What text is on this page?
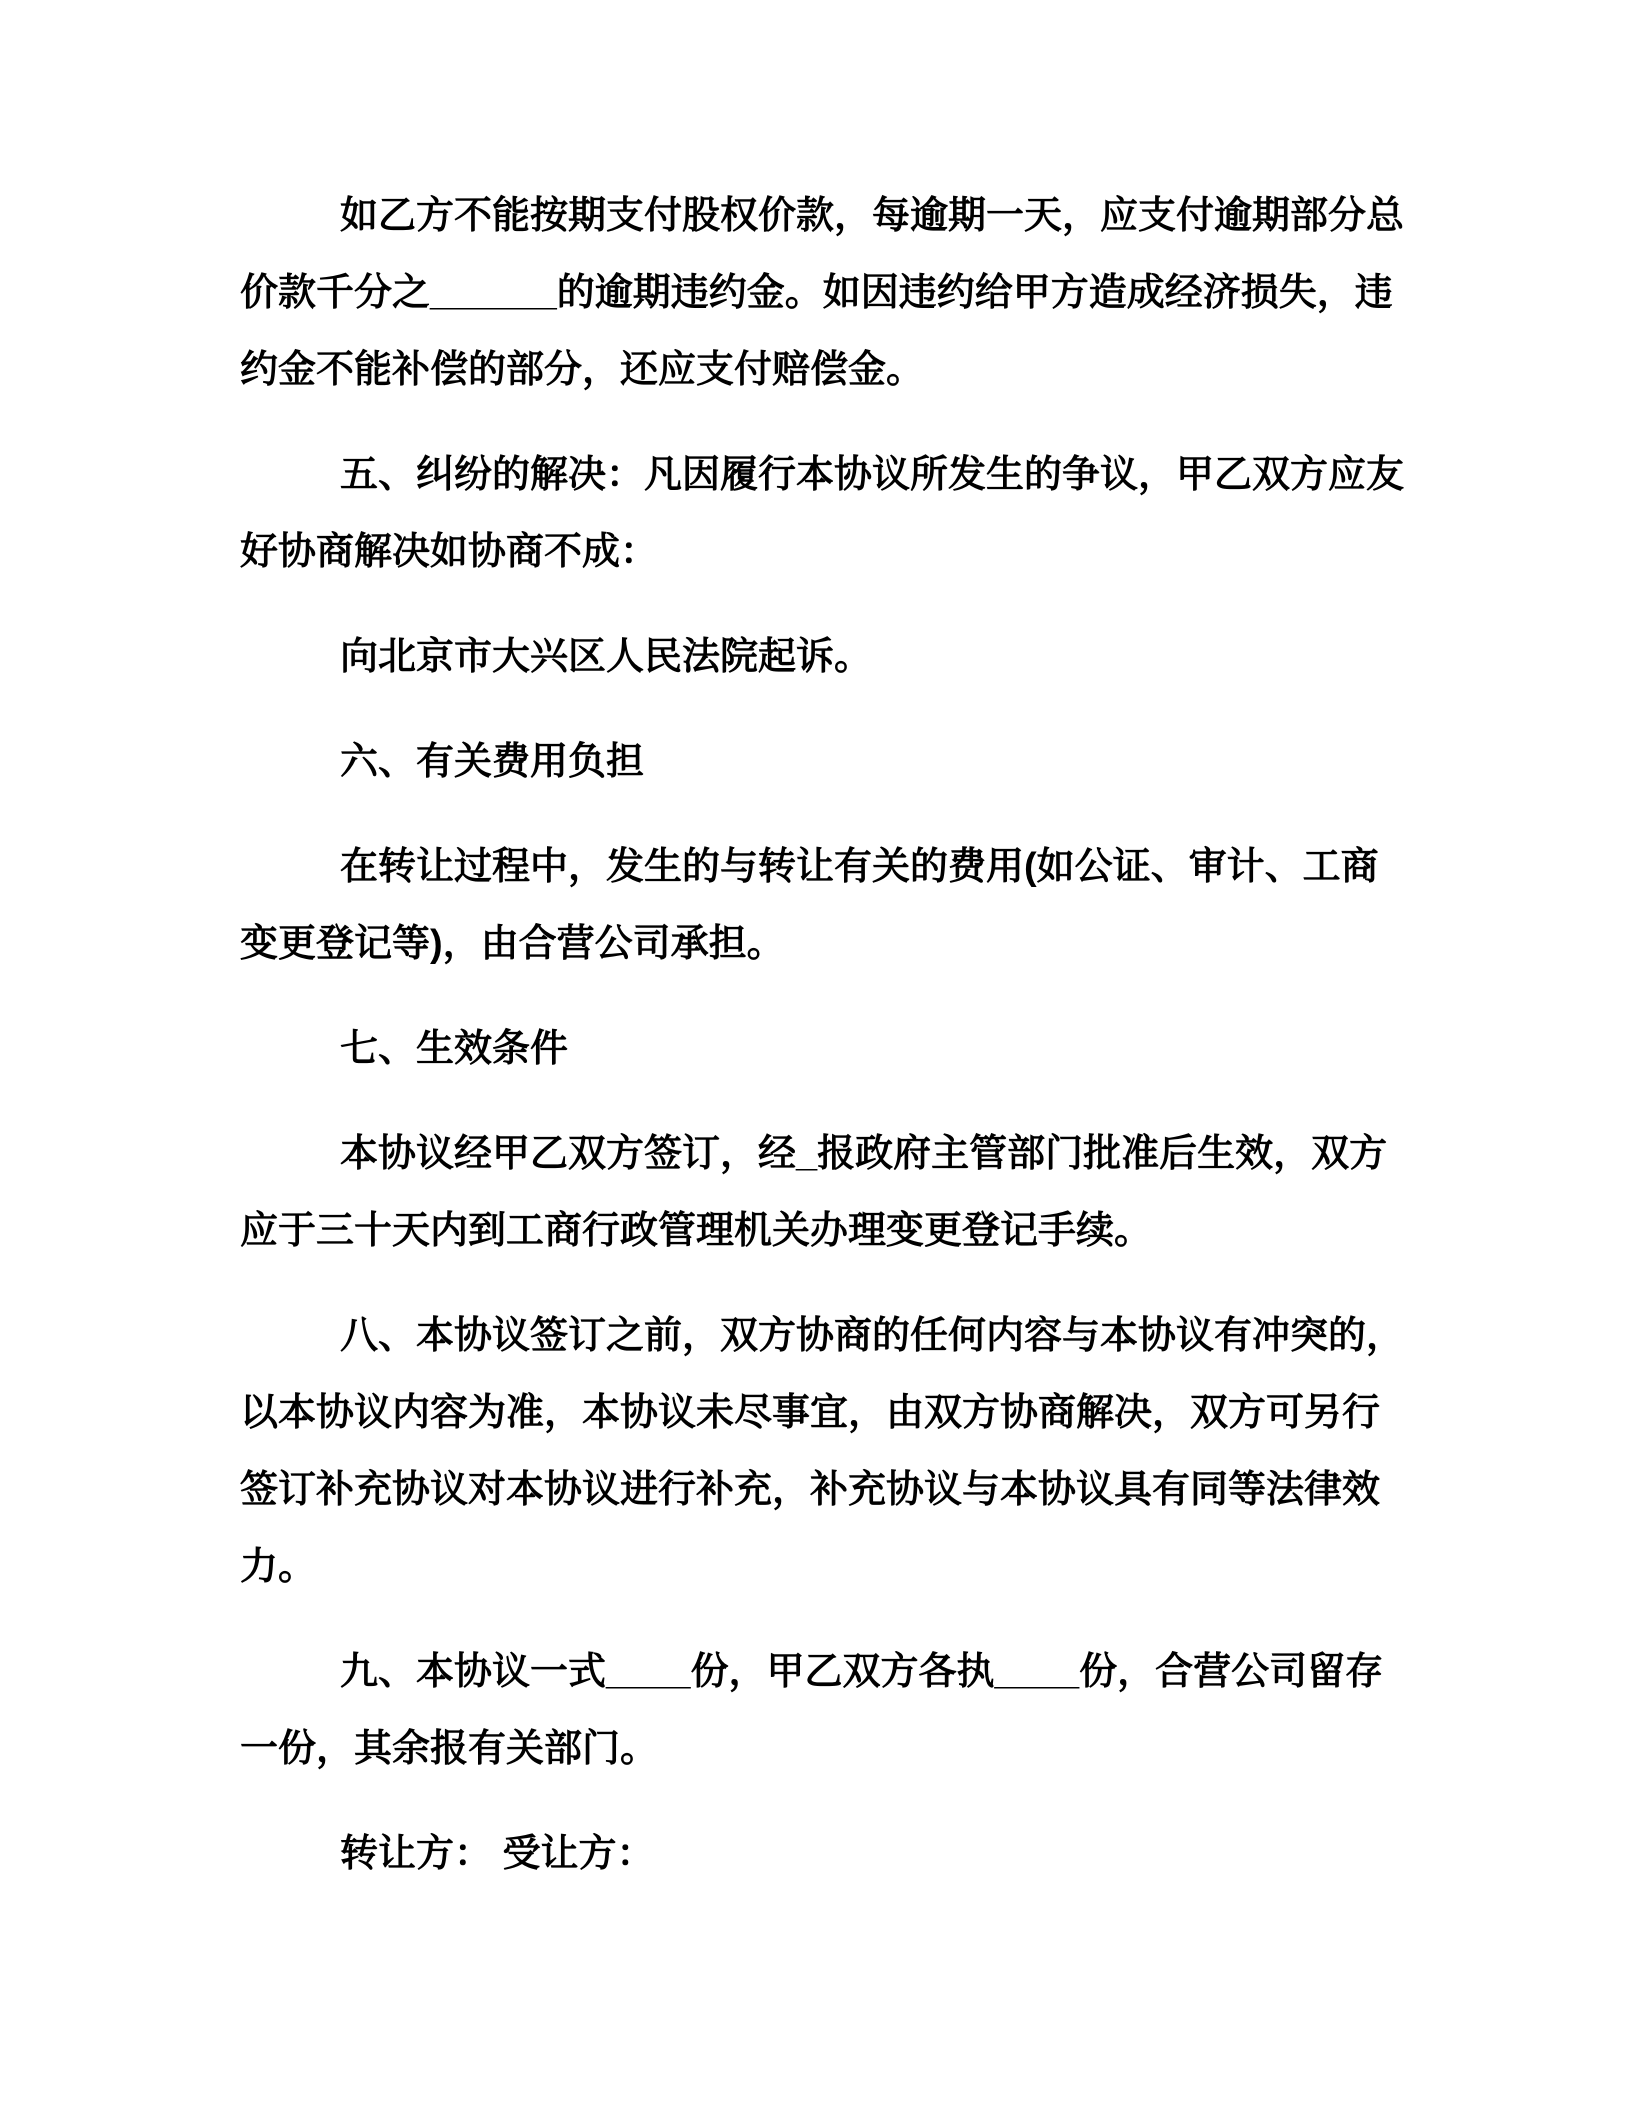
如乙方不能按期支付股权价款，每逾期一天，应支付逾期部分总
价款千分之______的逾期违约金。如因违约给甲方造成经济损失，违
约金不能补偿的部分，还应支付赔偿金。

五、纠纷的解决：凡因履行本协议所发生的争议，甲乙双方应友
好协商解决如协商不成：

向北京市大兴区人民法院起诉。

六、有关费用负担

在转让过程中，发生的与转让有关的费用(如公证、审计、工商
变更登记等)，由合营公司承担。

七、生效条件

本协议经甲乙双方签订，经_报政府主管部门批准后生效，双方
应于三十天内到工商行政管理机关办理变更登记手续。

八、本协议签订之前，双方协商的任何内容与本协议有冲突的，
以本协议内容为准，本协议未尽事宜，由双方协商解决，双方可另行
签订补充协议对本协议进行补充，补充协议与本协议具有同等法律效
力。

九、本协议一式____份，甲乙双方各执____份，合营公司留存
一份，其余报有关部门。

转让方： 受让方：
